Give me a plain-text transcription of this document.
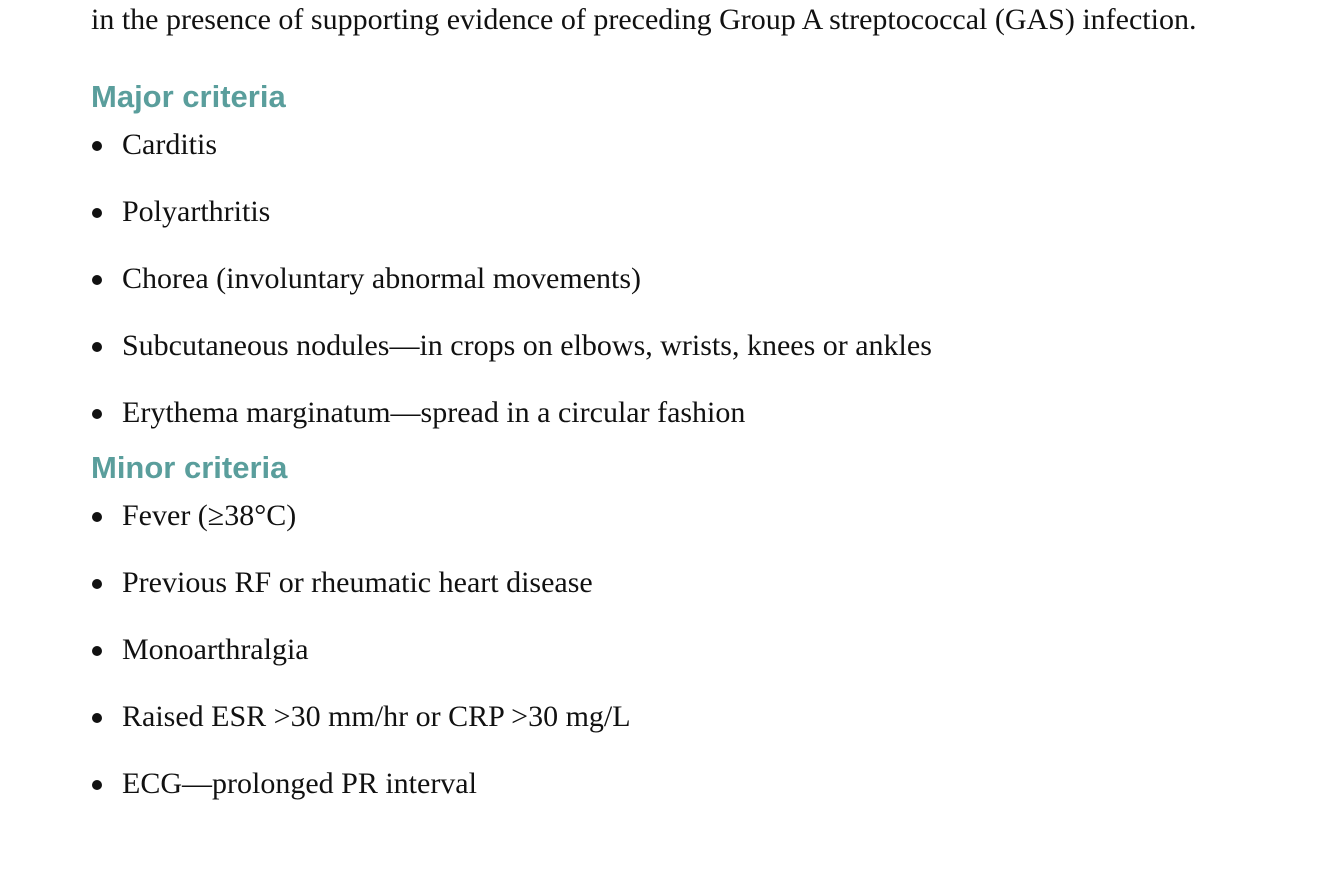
in the presence of supporting evidence of preceding Group A streptococcal (GAS) infection.

Major criteria
Carditis
Polyarthritis
Chorea (involuntary abnormal movements)
Subcutaneous nodules—in crops on elbows, wrists, knees or ankles
Erythema marginatum—spread in a circular fashion
Minor criteria
Fever (≥38°C)
Previous RF or rheumatic heart disease
Monoarthralgia
Raised ESR >30 mm/hr or CRP >30 mg/L
ECG—prolonged PR interval
